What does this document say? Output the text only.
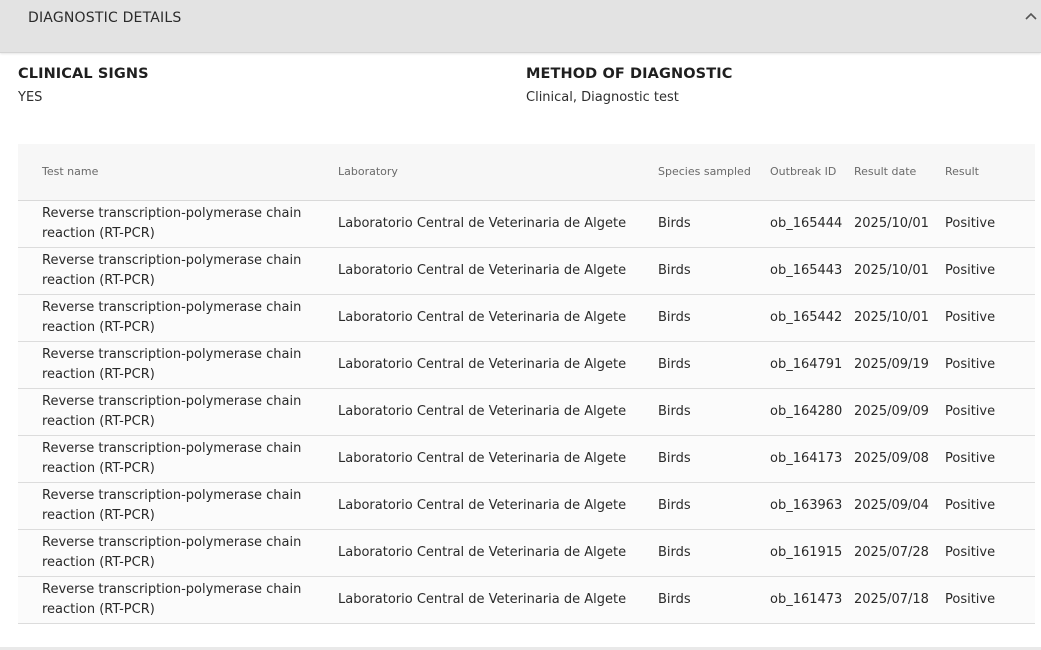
DIAGNOSTIC DETAILS
CLINICAL SIGNS
YES
METHOD OF DIAGNOSTIC
Clinical, Diagnostic test
Test name	Laboratory	Species sampled	Outbreak ID	Result date	Result
Reverse transcription-polymerase chain reaction (RT-PCR)	Laboratorio Central de Veterinaria de Algete	Birds	ob_165444	2025/10/01	Positive
Reverse transcription-polymerase chain reaction (RT-PCR)	Laboratorio Central de Veterinaria de Algete	Birds	ob_165443	2025/10/01	Positive
Reverse transcription-polymerase chain reaction (RT-PCR)	Laboratorio Central de Veterinaria de Algete	Birds	ob_165442	2025/10/01	Positive
Reverse transcription-polymerase chain reaction (RT-PCR)	Laboratorio Central de Veterinaria de Algete	Birds	ob_164791	2025/09/19	Positive
Reverse transcription-polymerase chain reaction (RT-PCR)	Laboratorio Central de Veterinaria de Algete	Birds	ob_164280	2025/09/09	Positive
Reverse transcription-polymerase chain reaction (RT-PCR)	Laboratorio Central de Veterinaria de Algete	Birds	ob_164173	2025/09/08	Positive
Reverse transcription-polymerase chain reaction (RT-PCR)	Laboratorio Central de Veterinaria de Algete	Birds	ob_163963	2025/09/04	Positive
Reverse transcription-polymerase chain reaction (RT-PCR)	Laboratorio Central de Veterinaria de Algete	Birds	ob_161915	2025/07/28	Positive
Reverse transcription-polymerase chain reaction (RT-PCR)	Laboratorio Central de Veterinaria de Algete	Birds	ob_161473	2025/07/18	Positive
